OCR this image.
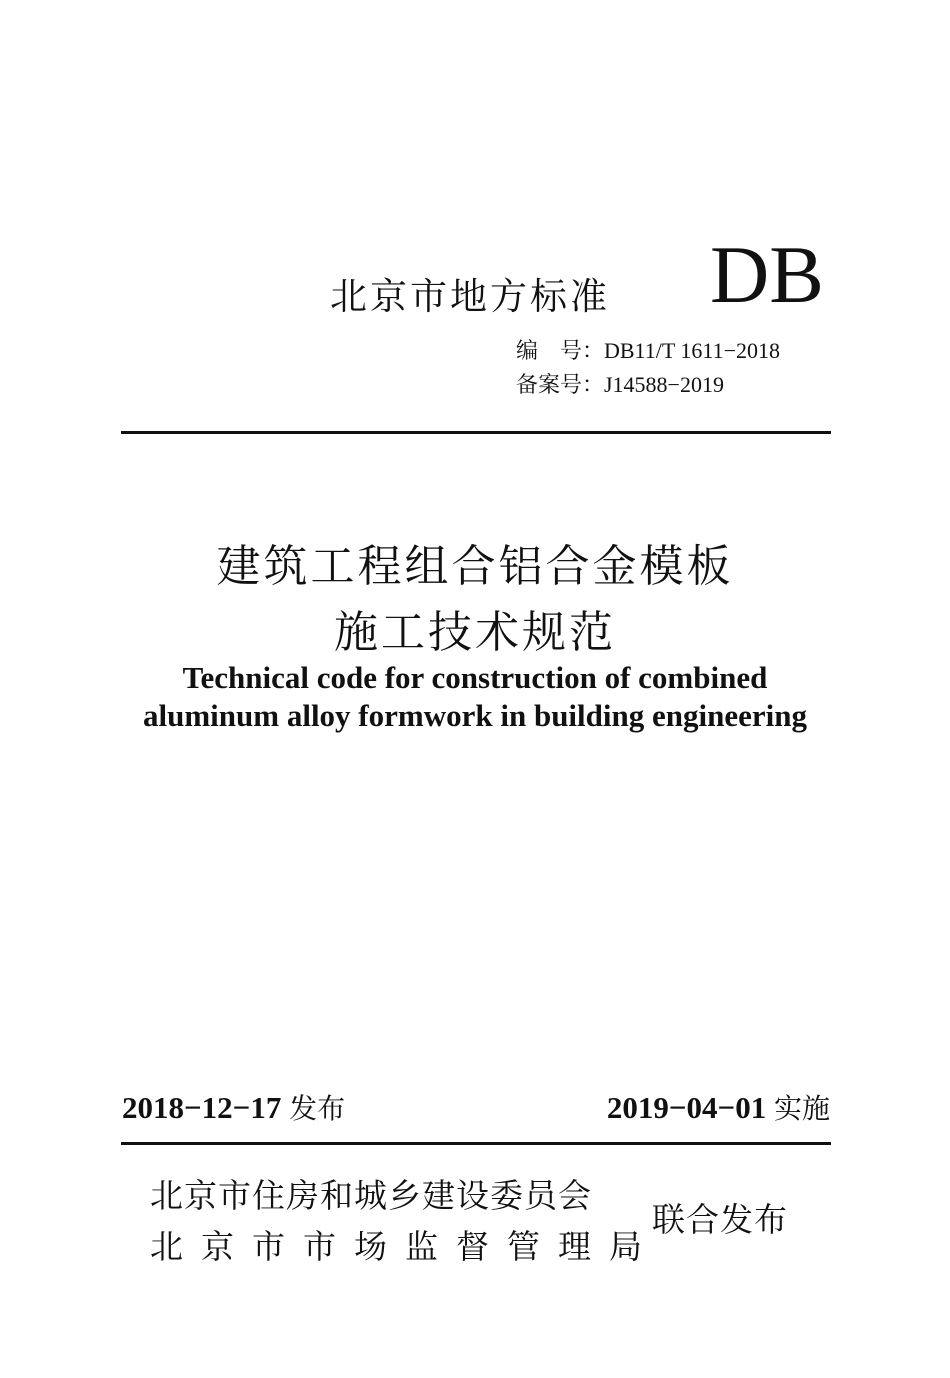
北京市地方标准 DB
编　号：DB11/T 1611−2018
备案号：J14588−2019
建筑工程组合铝合金模板
施工技术规范
Technical code for construction of combined
aluminum alloy formwork in building engineering
2018−12−17 发布	2019−04−01 实施
北京市住房和城乡建设委员会
北京市市场监督管理局
联合发布
